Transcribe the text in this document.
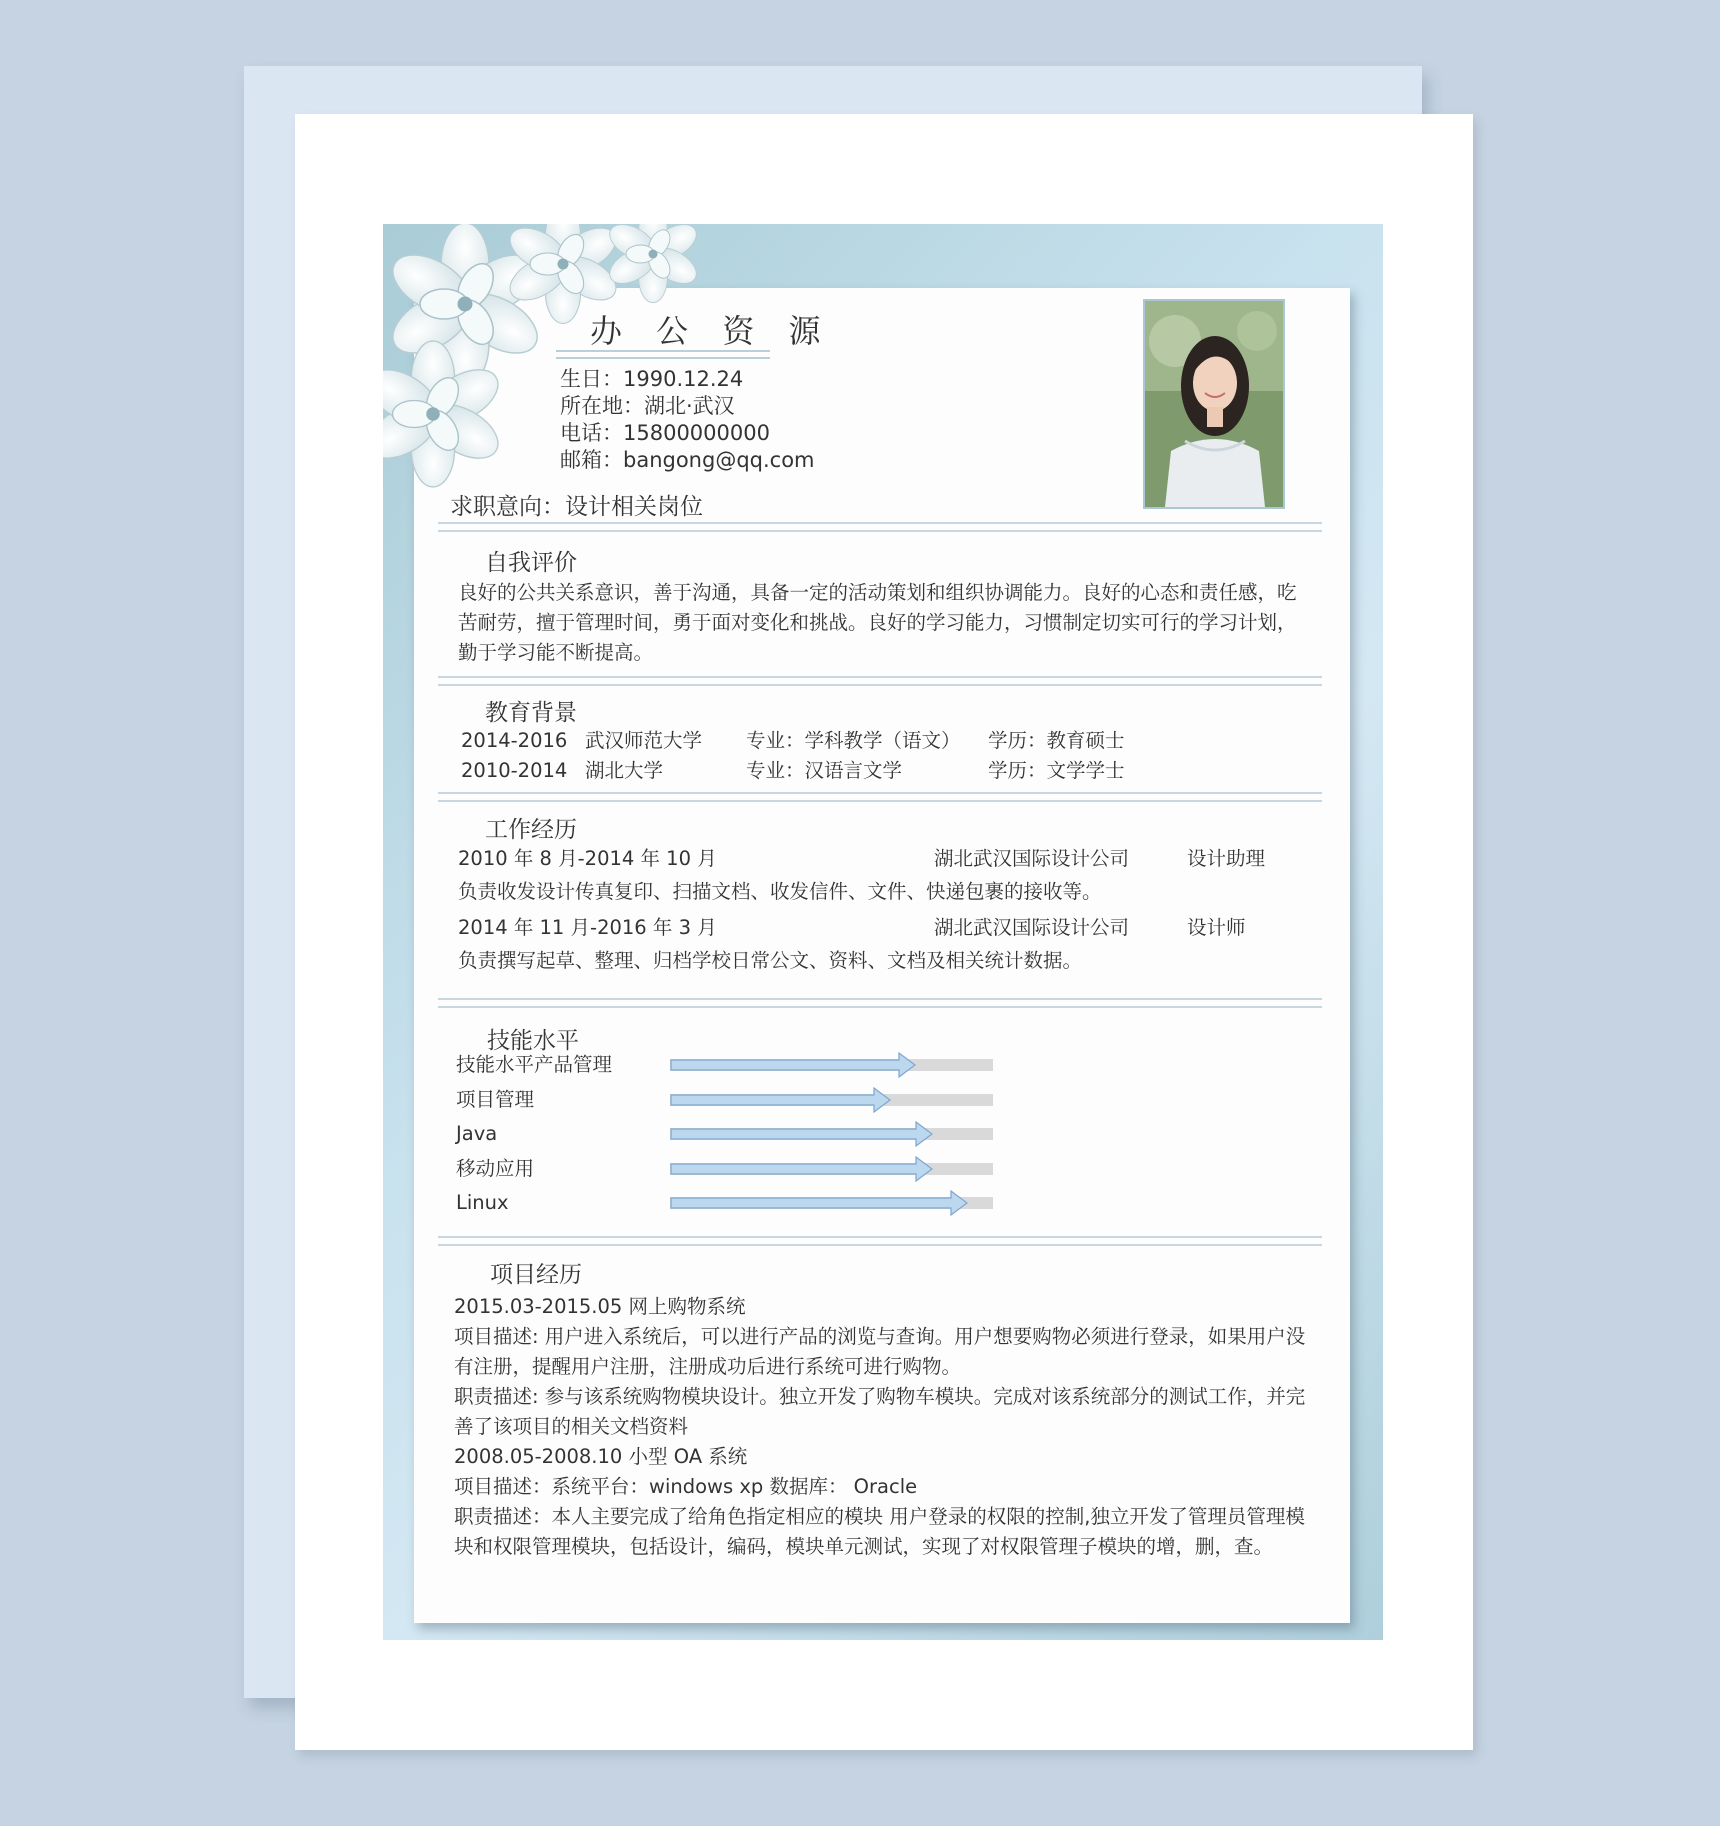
办 公 资 源
生日：1990.12.24
所在地：湖北·武汉
电话：15800000000
邮箱：bangong@qq.com
求职意向：设计相关岗位
自我评价
良好的公共关系意识，善于沟通，具备一定的活动策划和组织协调能力。良好的心态和责任感，吃苦耐劳，擅于管理时间，勇于面对变化和挑战。良好的学习能力，习惯制定切实可行的学习计划，勤于学习能不断提高。
教育背景
2014-2016 武汉师范大学 专业：学科教学（语文） 学历：教育硕士
2010-2014 湖北大学	专业：汉语言文学	学历：文学学士
工作经历
2010 年 8 月-2014 年 10 月	湖北武汉国际设计公司	设计助理
负责收发设计传真复印、扫描文档、收发信件、文件、快递包裹的接收等。
2014 年 11 月-2016 年 3 月	湖北武汉国际设计公司	设计师
负责撰写起草、整理、归档学校日常公文、资料、文档及相关统计数据。
技能水平
技能水平产品管理
项目管理
Java
移动应用
Linux
项目经历
2015.03-2015.05 网上购物系统
项目描述: 用户进入系统后，可以进行产品的浏览与查询。用户想要购物必须进行登录，如果用户没有注册，提醒用户注册，注册成功后进行系统可进行购物。
职责描述: 参与该系统购物模块设计。独立开发了购物车模块。完成对该系统部分的测试工作，并完善了该项目的相关文档资料
2008.05-2008.10 小型 OA 系统
项目描述：系统平台：windows xp 数据库： Oracle
职责描述：本人主要完成了给角色指定相应的模块 用户登录的权限的控制,独立开发了管理员管理模块和权限管理模块，包括设计，编码，模块单元测试，实现了对权限管理子模块的增，删，查。
